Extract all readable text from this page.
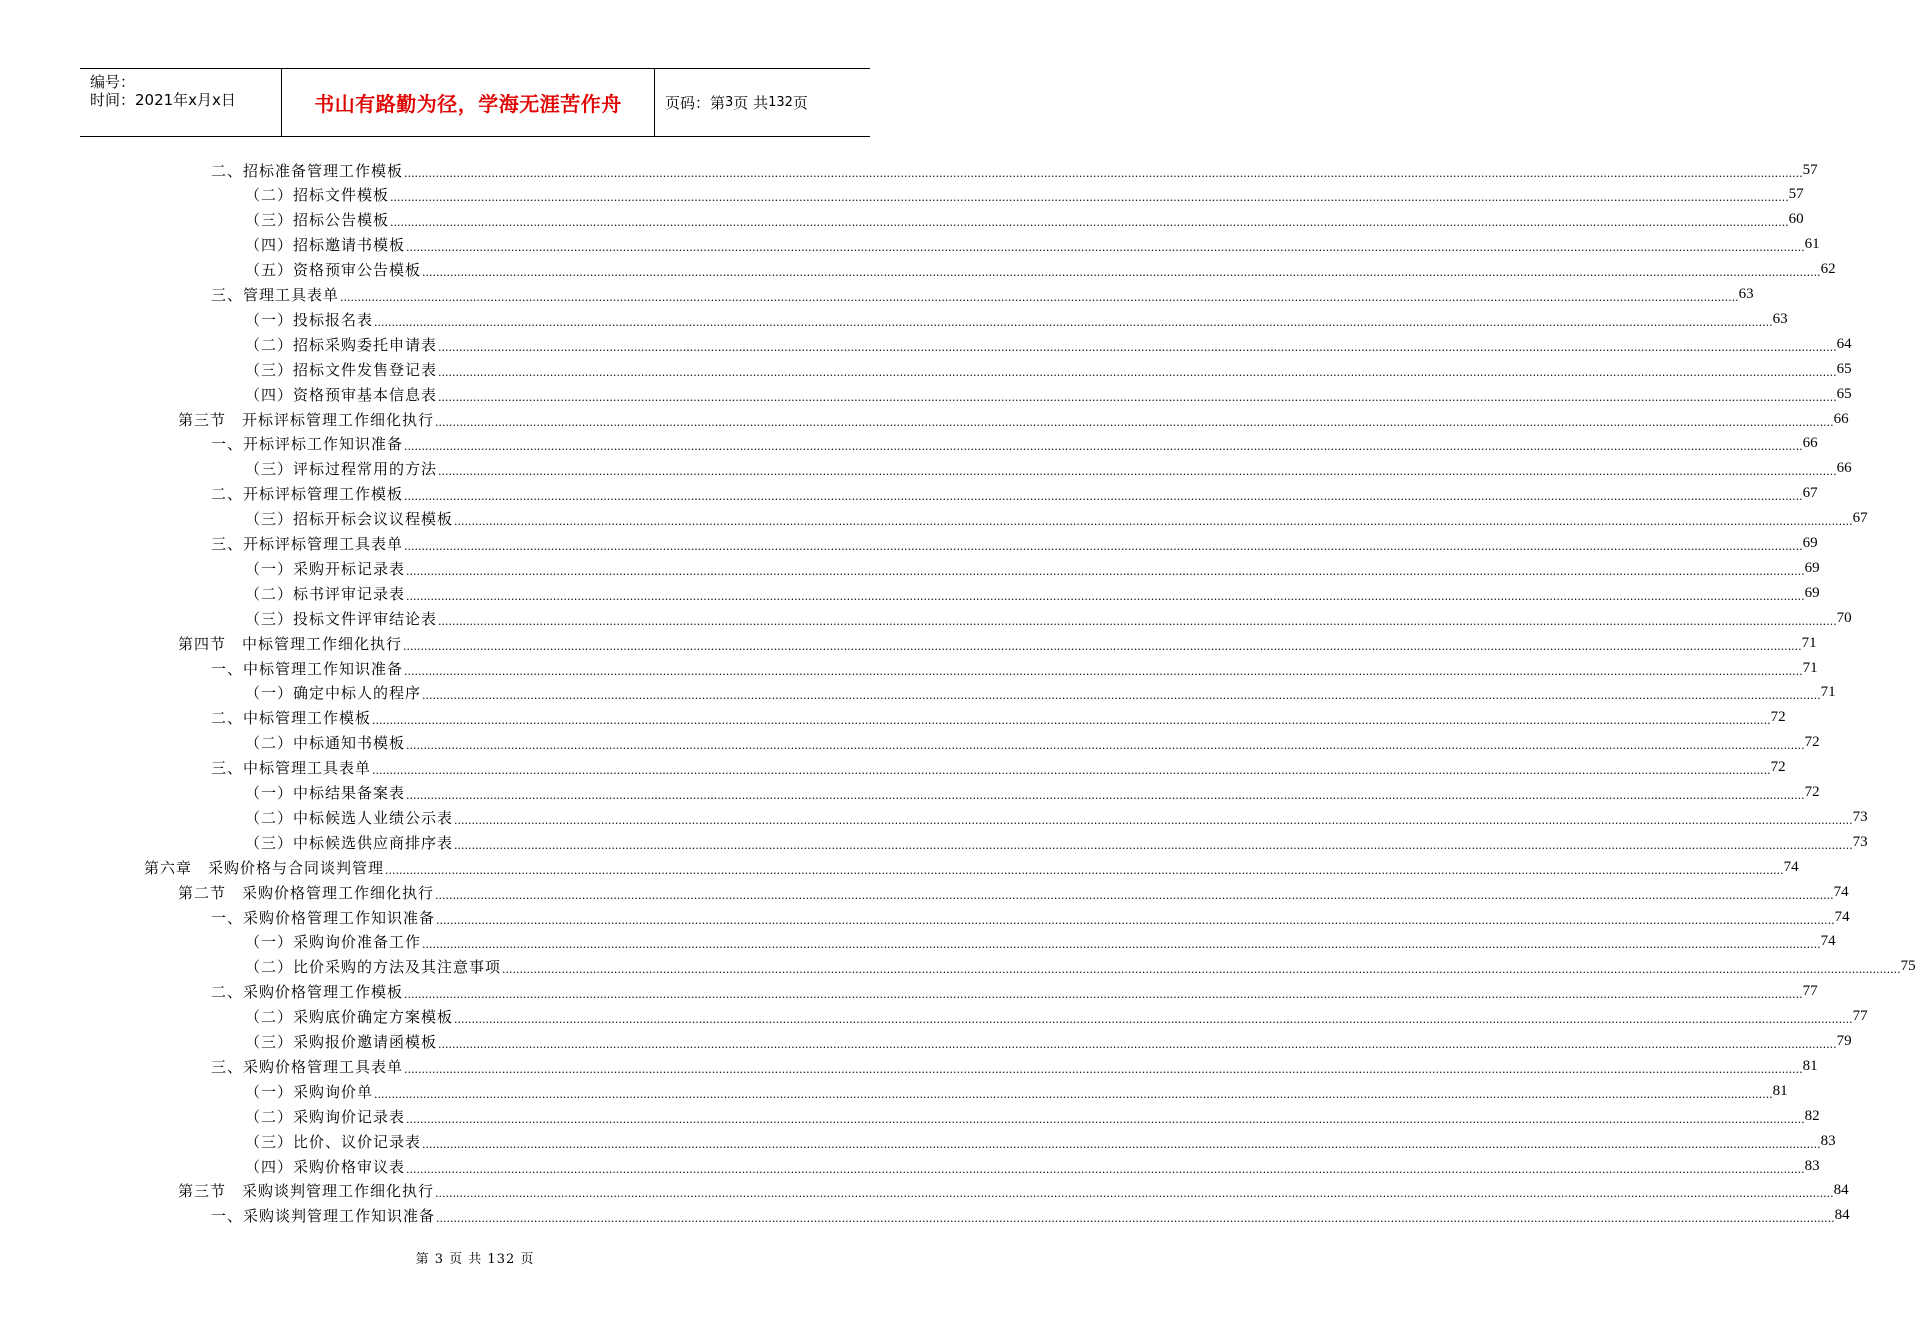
编号：
时间：2021年x月x日	书山有路勤为径，学海无涯苦作舟	页码：第 3 页 共 132 页
二、招标准备管理工作模板 ................................................................................................................................................................................................................................................................................................................................................................................................................ 57
（二）招标文件模板 ................................................................................................................................................................................................................................................................................................................................................................................................................ 57
（三）招标公告模板 ................................................................................................................................................................................................................................................................................................................................................................................................................ 60
（四）招标邀请书模板 ................................................................................................................................................................................................................................................................................................................................................................................................................ 61
（五）资格预审公告模板 ................................................................................................................................................................................................................................................................................................................................................................................................................ 62
三、管理工具表单 ................................................................................................................................................................................................................................................................................................................................................................................................................ 63
（一）投标报名表 ................................................................................................................................................................................................................................................................................................................................................................................................................ 63
（二）招标采购委托申请表 ................................................................................................................................................................................................................................................................................................................................................................................................................ 64
（三）招标文件发售登记表 ................................................................................................................................................................................................................................................................................................................................................................................................................ 65
（四）资格预审基本信息表 ................................................................................................................................................................................................................................................................................................................................................................................................................ 65
第三节　开标评标管理工作细化执行 ................................................................................................................................................................................................................................................................................................................................................................................................................ 66
一、开标评标工作知识准备 ................................................................................................................................................................................................................................................................................................................................................................................................................ 66
（三）评标过程常用的方法 ................................................................................................................................................................................................................................................................................................................................................................................................................ 66
二、开标评标管理工作模板 ................................................................................................................................................................................................................................................................................................................................................................................................................ 67
（三）招标开标会议议程模板 ................................................................................................................................................................................................................................................................................................................................................................................................................ 67
三、开标评标管理工具表单 ................................................................................................................................................................................................................................................................................................................................................................................................................ 69
（一）采购开标记录表 ................................................................................................................................................................................................................................................................................................................................................................................................................ 69
（二）标书评审记录表 ................................................................................................................................................................................................................................................................................................................................................................................................................ 69
（三）投标文件评审结论表 ................................................................................................................................................................................................................................................................................................................................................................................................................ 70
第四节　中标管理工作细化执行 ................................................................................................................................................................................................................................................................................................................................................................................................................ 71
一、中标管理工作知识准备 ................................................................................................................................................................................................................................................................................................................................................................................................................ 71
（一）确定中标人的程序 ................................................................................................................................................................................................................................................................................................................................................................................................................ 71
二、中标管理工作模板 ................................................................................................................................................................................................................................................................................................................................................................................................................ 72
（二）中标通知书模板 ................................................................................................................................................................................................................................................................................................................................................................................................................ 72
三、中标管理工具表单 ................................................................................................................................................................................................................................................................................................................................................................................................................ 72
（一）中标结果备案表 ................................................................................................................................................................................................................................................................................................................................................................................................................ 72
（二）中标候选人业绩公示表 ................................................................................................................................................................................................................................................................................................................................................................................................................ 73
（三）中标候选供应商排序表 ................................................................................................................................................................................................................................................................................................................................................................................................................ 73
第六章　采购价格与合同谈判管理 ................................................................................................................................................................................................................................................................................................................................................................................................................ 74
第二节　采购价格管理工作细化执行 ................................................................................................................................................................................................................................................................................................................................................................................................................ 74
一、采购价格管理工作知识准备 ................................................................................................................................................................................................................................................................................................................................................................................................................ 74
（一）采购询价准备工作 ................................................................................................................................................................................................................................................................................................................................................................................................................ 74
（二）比价采购的方法及其注意事项 ................................................................................................................................................................................................................................................................................................................................................................................................................ 75
二、采购价格管理工作模板 ................................................................................................................................................................................................................................................................................................................................................................................................................ 77
（二）采购底价确定方案模板 ................................................................................................................................................................................................................................................................................................................................................................................................................ 77
（三）采购报价邀请函模板 ................................................................................................................................................................................................................................................................................................................................................................................................................ 79
三、采购价格管理工具表单 ................................................................................................................................................................................................................................................................................................................................................................................................................ 81
（一）采购询价单 ................................................................................................................................................................................................................................................................................................................................................................................................................ 81
（二）采购询价记录表 ................................................................................................................................................................................................................................................................................................................................................................................................................ 82
（三）比价、议价记录表 ................................................................................................................................................................................................................................................................................................................................................................................................................ 83
（四）采购价格审议表 ................................................................................................................................................................................................................................................................................................................................................................................................................ 83
第三节　采购谈判管理工作细化执行 ................................................................................................................................................................................................................................................................................................................................................................................................................ 84
一、采购谈判管理工作知识准备 ................................................................................................................................................................................................................................................................................................................................................................................................................ 84
第 3 页 共 132 页
